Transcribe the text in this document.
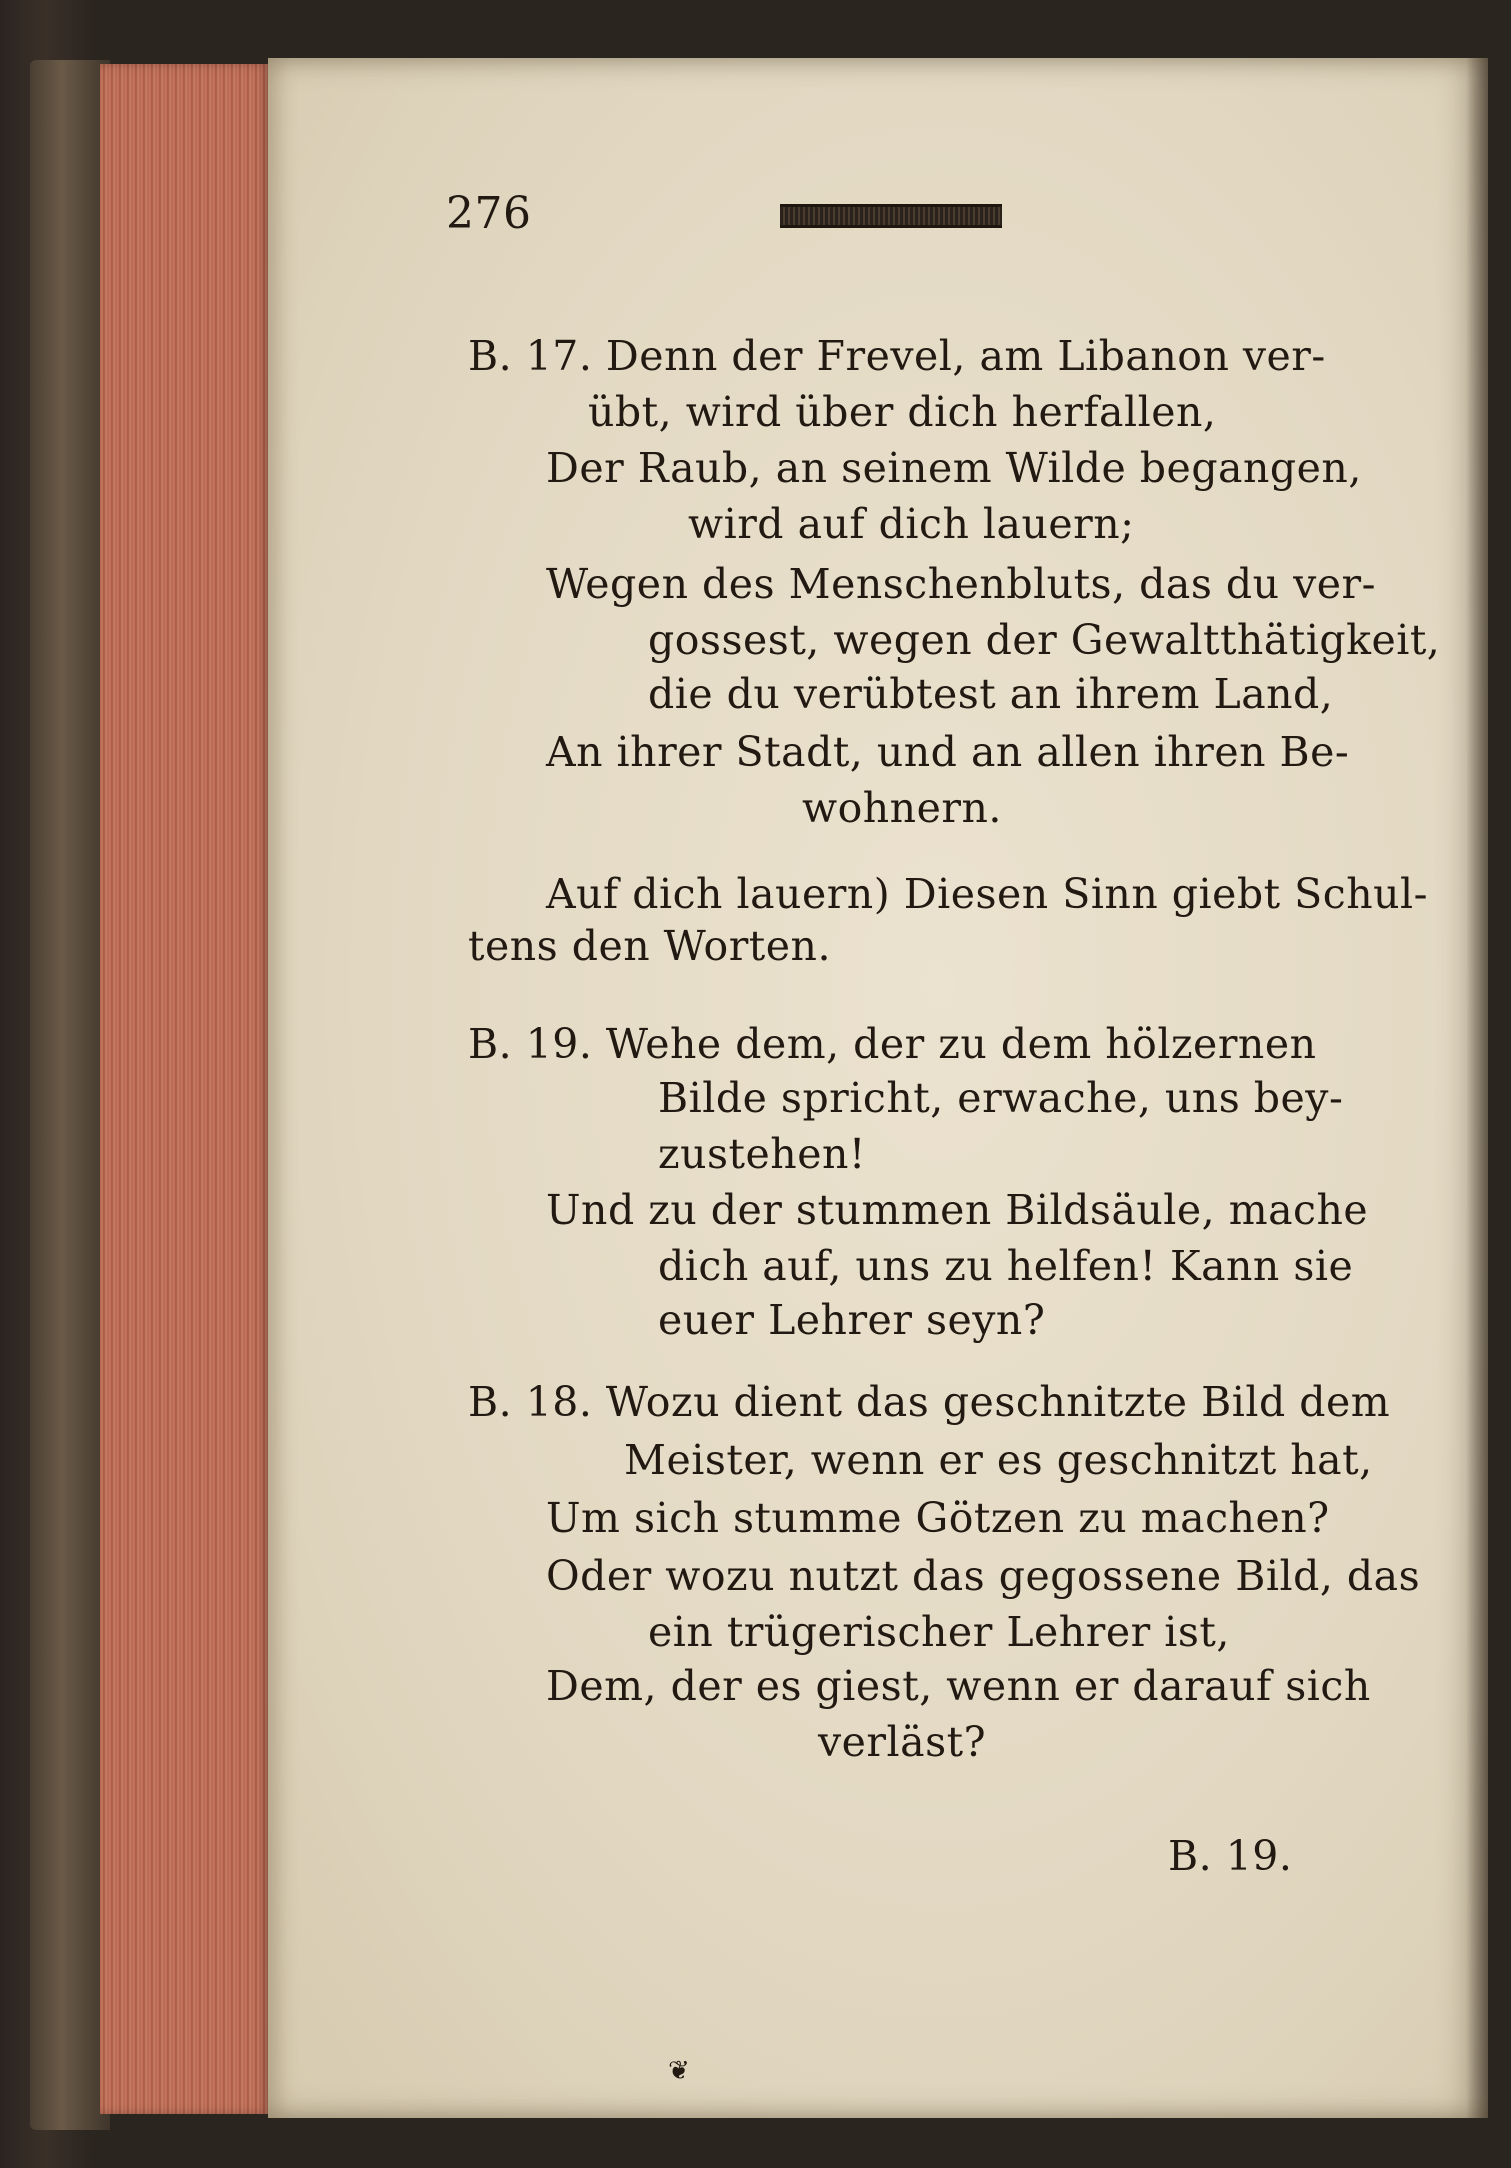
276
B. 17. Denn der Frevel, am Libanon ver-
übt, wird über dich herfallen,
Der Raub, an seinem Wilde begangen,
wird auf dich lauern;
Wegen des Menschenbluts, das du ver-
gossest, wegen der Gewaltthätigkeit,
die du verübtest an ihrem Land,
An ihrer Stadt, und an allen ihren Be-
wohnern.
Auf dich lauern) Diesen Sinn giebt Schul-
tens den Worten.
B. 19. Wehe dem, der zu dem hölzernen
Bilde spricht, erwache, uns bey-
zustehen!
Und zu der stummen Bildsäule, mache
dich auf, uns zu helfen! Kann sie
euer Lehrer seyn?
B. 18. Wozu dient das geschnitzte Bild dem
Meister, wenn er es geschnitzt hat,
Um sich stumme Götzen zu machen?
Oder wozu nutzt das gegossene Bild, das
ein trügerischer Lehrer ist,
Dem, der es giest, wenn er darauf sich
verläst?
B. 19.
❦
